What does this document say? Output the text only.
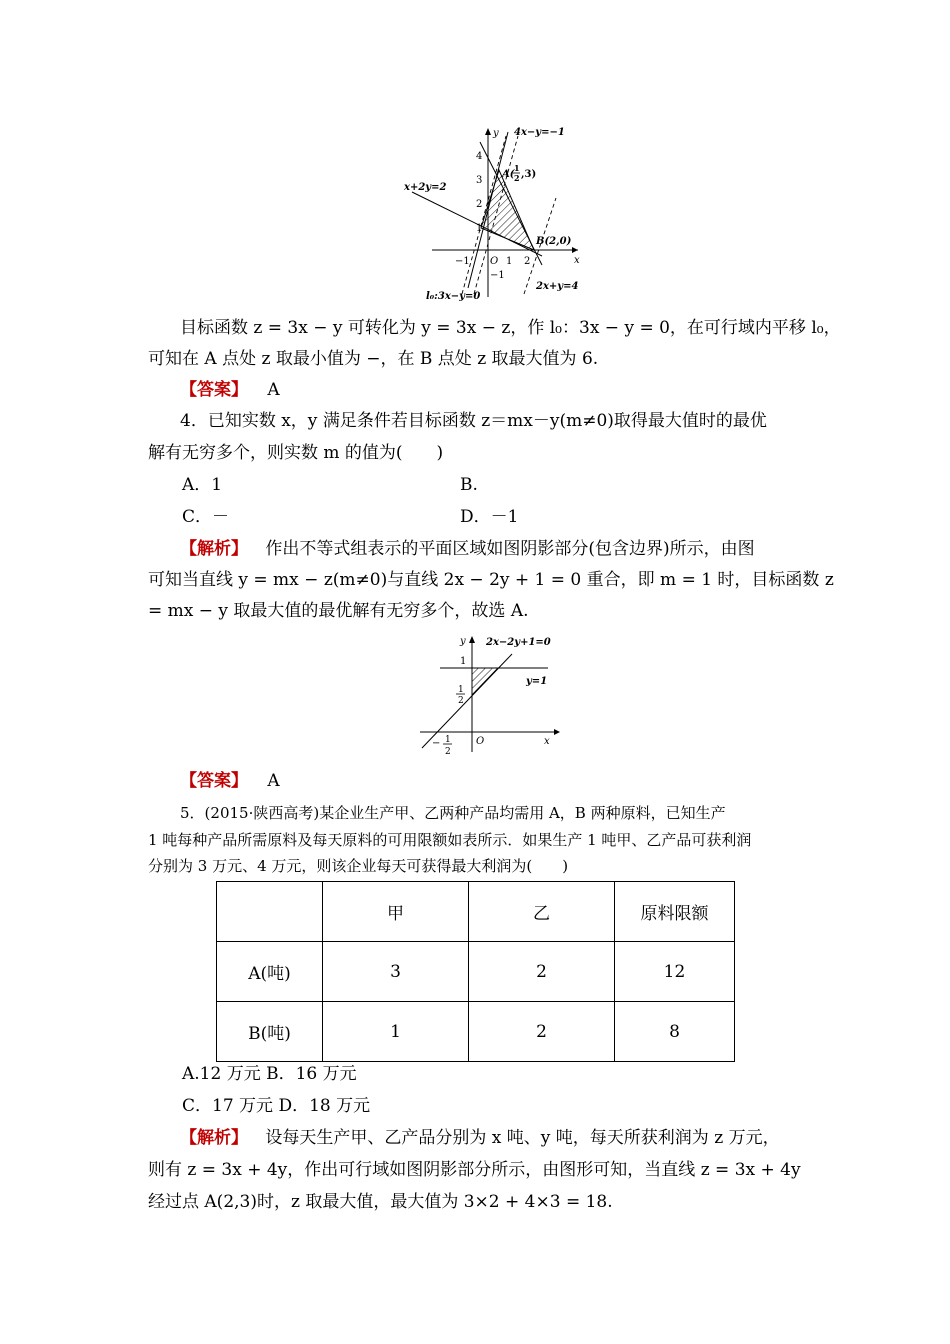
y 4x−y=−1
4
3
A(
1
2 ,3)
x+2y=2
2
1
B(2,0)
−1 O 1 2	x
−1
2x+y=4
l₀:3x−y=0
目标函数 z = 3x − y 可转化为 y = 3x − z，作 l₀：3x − y = 0，在可行域内平移 l₀，
可知在 A 点处 z 取最小值为 −，在 B 点处 z 取最大值为 6.
【答案】 A
4．已知实数 x，y 满足条件若目标函数 z＝mx－y(m≠0)取得最大值时的最优
解有无穷多个，则实数 m 的值为(　　)
A．1	B.
C．－	D．－1
【解析】 作出不等式组表示的平面区域如图阴影部分(包含边界)所示，由图
可知当直线 y = mx − z(m≠0)与直线 2x − 2y + 1 = 0 重合，即 m = 1 时，目标函数 z
= mx − y 取最大值的最优解有无穷多个，故选 A.
y 2x−2y+1=0
1
y=1
1
2
O	x
− 1
2
【答案】 A
5．(2015·陕西高考)某企业生产甲、乙两种产品均需用 A，B 两种原料，已知生产
1 吨每种产品所需原料及每天原料的可用限额如表所示．如果生产 1 吨甲、乙产品可获利润
分别为 3 万元、4 万元，则该企业每天可获得最大利润为(　　)
	甲	乙	原料限额
A(吨)	3	2	12
B(吨)	1	2	8
A.12 万元 B．16 万元
C．17 万元 D．18 万元
【解析】 设每天生产甲、乙产品分别为 x 吨、y 吨，每天所获利润为 z 万元，
则有 z = 3x + 4y，作出可行域如图阴影部分所示，由图形可知，当直线 z = 3x + 4y
经过点 A(2,3)时，z 取最大值，最大值为 3×2 + 4×3 = 18.
